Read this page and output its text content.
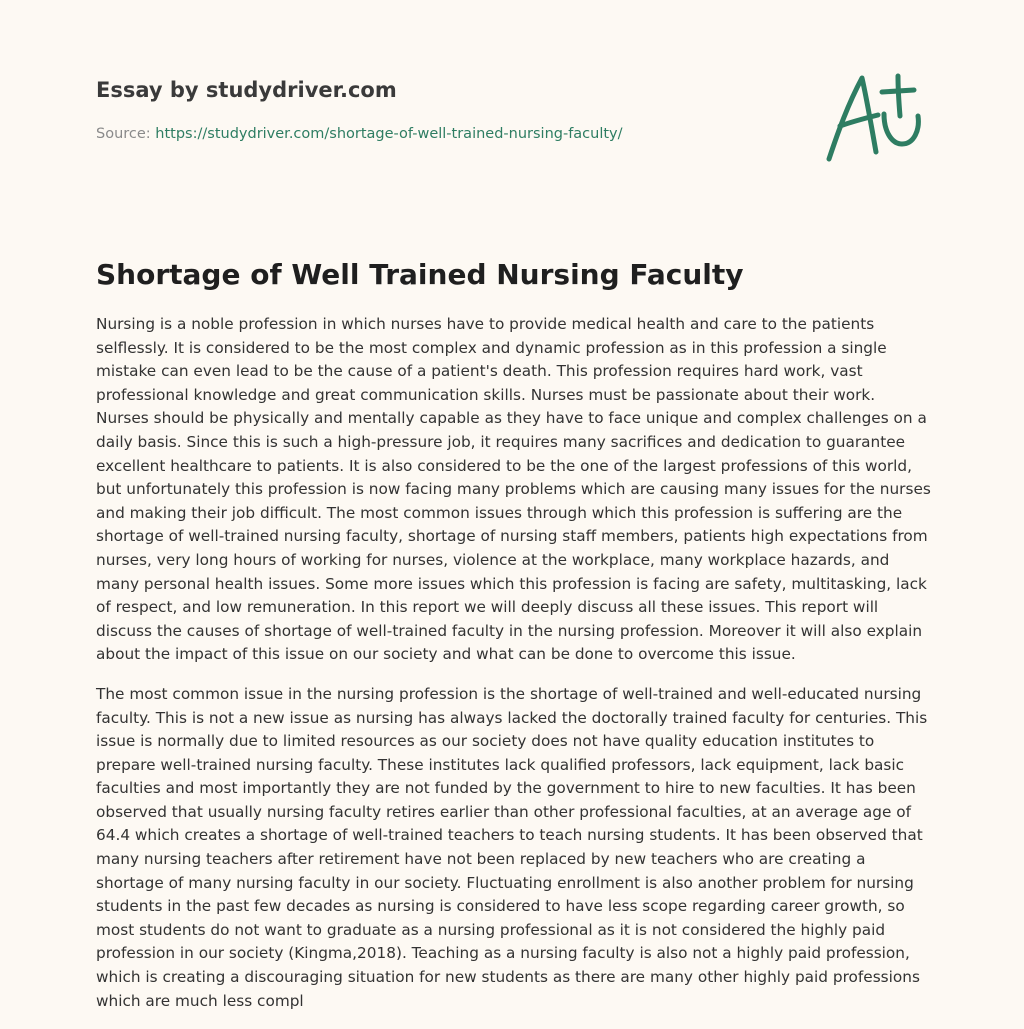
Essay by studydriver.com
Source: https://studydriver.com/shortage-of-well-trained-nursing-faculty/
Shortage of Well Trained Nursing Faculty

Nursing is a noble profession in which nurses have to provide medical health and care to the patients selflessly. It is considered to be the most complex and dynamic profession as in this profession a single mistake can even lead to be the cause of a patient's death. This profession requires hard work, vast professional knowledge and great communication skills. Nurses must be passionate about their work. Nurses should be physically and mentally capable as they have to face unique and complex challenges on a daily basis. Since this is such a high-pressure job, it requires many sacrifices and dedication to guarantee excellent healthcare to patients. It is also considered to be the one of the largest professions of this world, but unfortunately this profession is now facing many problems which are causing many issues for the nurses and making their job difficult. The most common issues through which this profession is suffering are the shortage of well-trained nursing faculty, shortage of nursing staff members, patients high expectations from nurses, very long hours of working for nurses, violence at the workplace, many workplace hazards, and many personal health issues. Some more issues which this profession is facing are safety, multitasking, lack of respect, and low remuneration. In this report we will deeply discuss all these issues. This report will discuss the causes of shortage of well-trained faculty in the nursing profession. Moreover it will also explain about the impact of this issue on our society and what can be done to overcome this issue.

The most common issue in the nursing profession is the shortage of well-trained and well-educated nursing faculty. This is not a new issue as nursing has always lacked the doctorally trained faculty for centuries. This issue is normally due to limited resources as our society does not have quality education institutes to prepare well-trained nursing faculty. These institutes lack qualified professors, lack equipment, lack basic faculties and most importantly they are not funded by the government to hire to new faculties. It has been observed that usually nursing faculty retires earlier than other professional faculties, at an average age of 64.4 which creates a shortage of well-trained teachers to teach nursing students. It has been observed that many nursing teachers after retirement have not been replaced by new teachers who are creating a shortage of many nursing faculty in our society. Fluctuating enrollment is also another problem for nursing students in the past few decades as nursing is considered to have less scope regarding career growth, so most students do not want to graduate as a nursing professional as it is not considered the highly paid profession in our society (Kingma,2018). Teaching as a nursing faculty is also not a highly paid profession, which is creating a discouraging situation for new students as there are many other highly paid professions which are much less compl
